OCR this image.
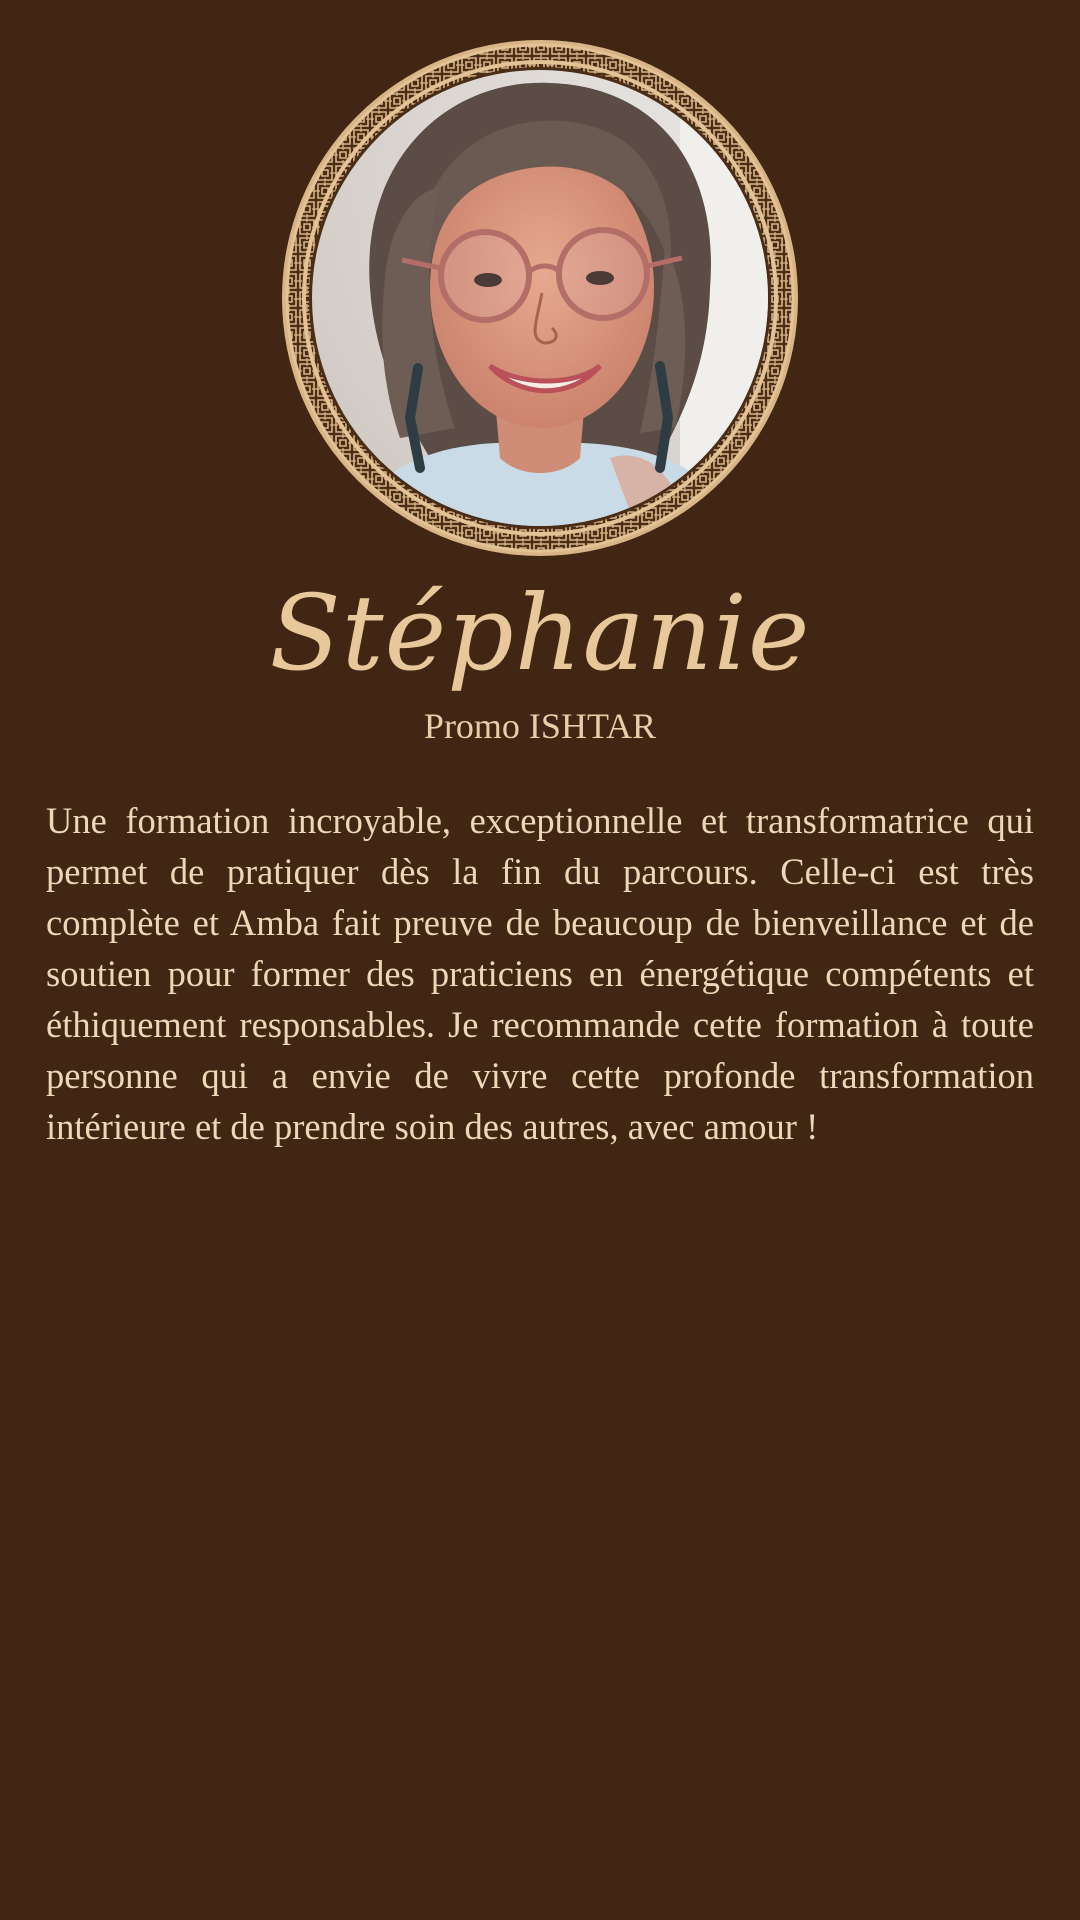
Stéphanie
Promo ISHTAR

Une formation incroyable, exceptionnelle et transformatrice qui permet de pratiquer dès la fin du parcours. Celle-ci est très complète et Amba fait preuve de beaucoup de bienveillance et de soutien pour former des praticiens en énergétique compétents et éthiquement responsables. Je recommande cette formation à toute personne qui a envie de vivre cette profonde transformation intérieure et de prendre soin des autres, avec amour !
